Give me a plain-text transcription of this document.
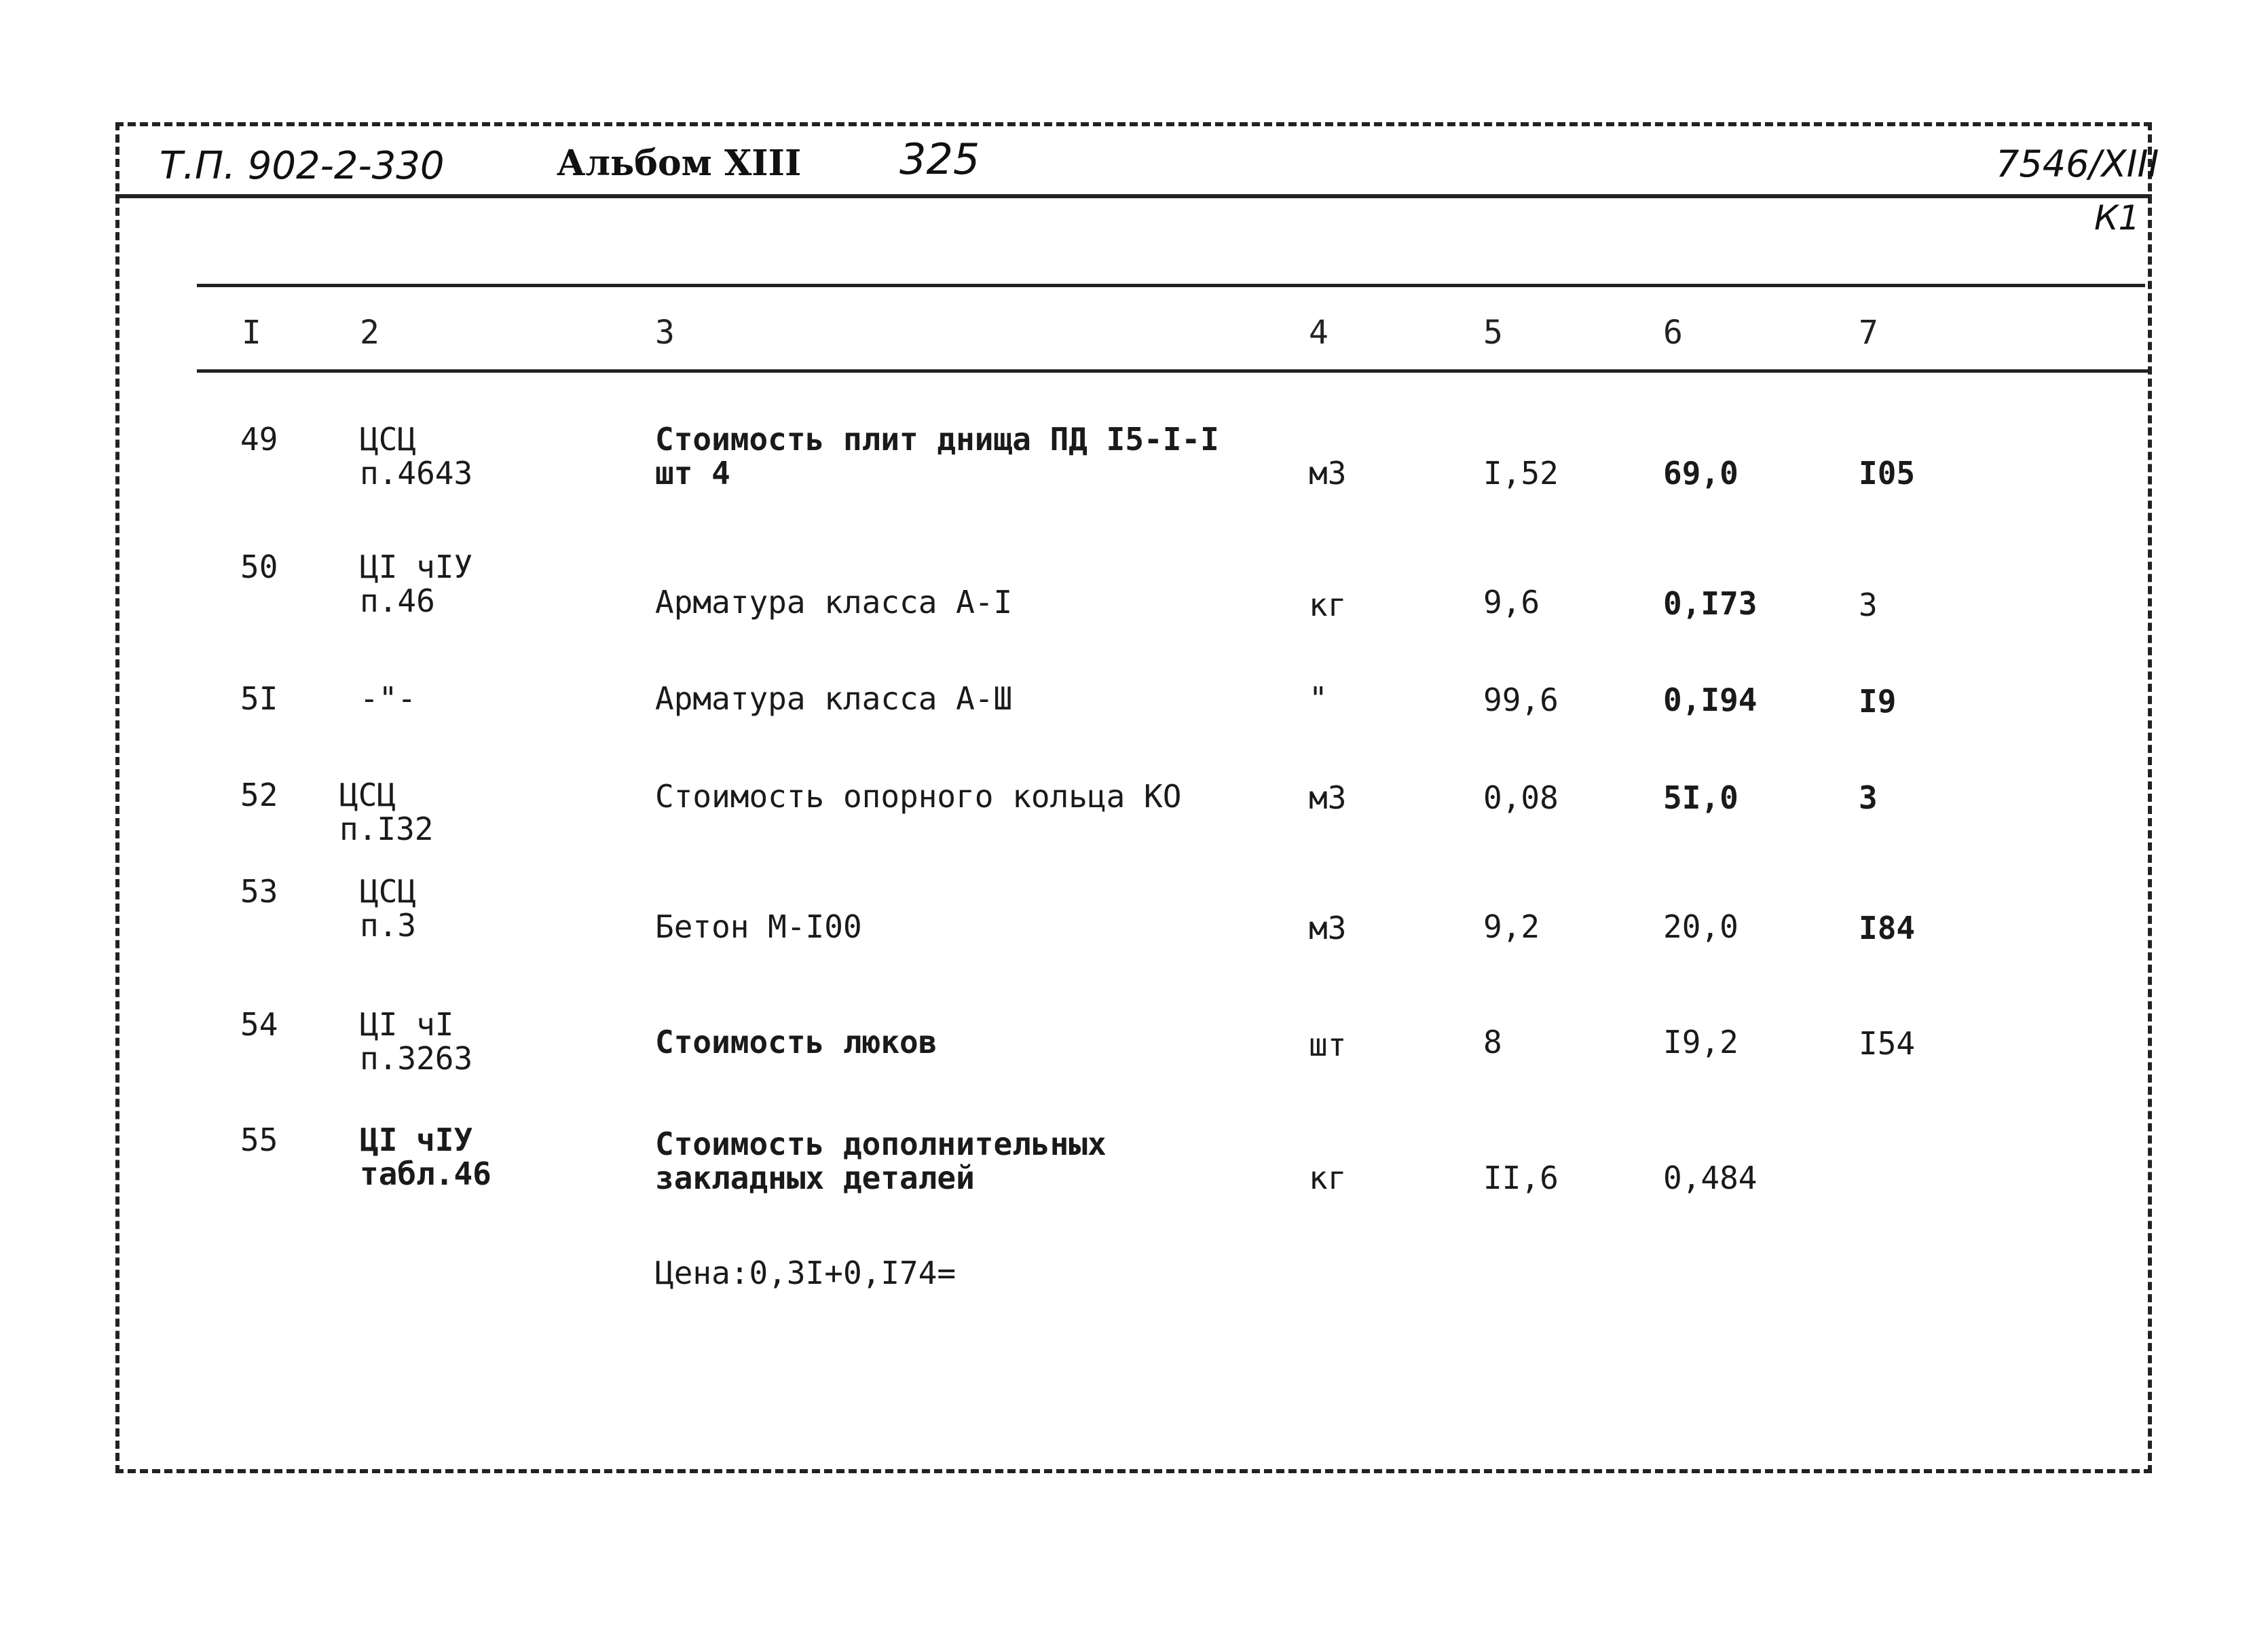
Т.П. 902-2-330	Альбом XIII 325	7546/XIII
К1
I	2	3	4	5	6	7
49	ЦСЦ
п.4643
Стоимость плит днища ПД I5-I-I
шт 4	м3	I,52	69,0	I05
50	ЦI чIУ
п.46	Арматура класса А-I	кг	9,6	0,I73	3
5I	-"-	Арматура класса А-Ш	"	99,6	0,I94	I9
52 ЦСЦ
п.I32
Стоимость опорного кольца КО	м3	0,08	5I,0	3
53	ЦСЦ
п.3	Бетон М-I00	м3	9,2	20,0	I84
54	ЦI чI
п.3263	Стоимость люков	шт	8	I9,2	I54
55	ЦI чIУ
табл.46
Стоимость дополнительных
закладных деталей	кг	II,6	0,484
Цена:0,3I+0,I74=
